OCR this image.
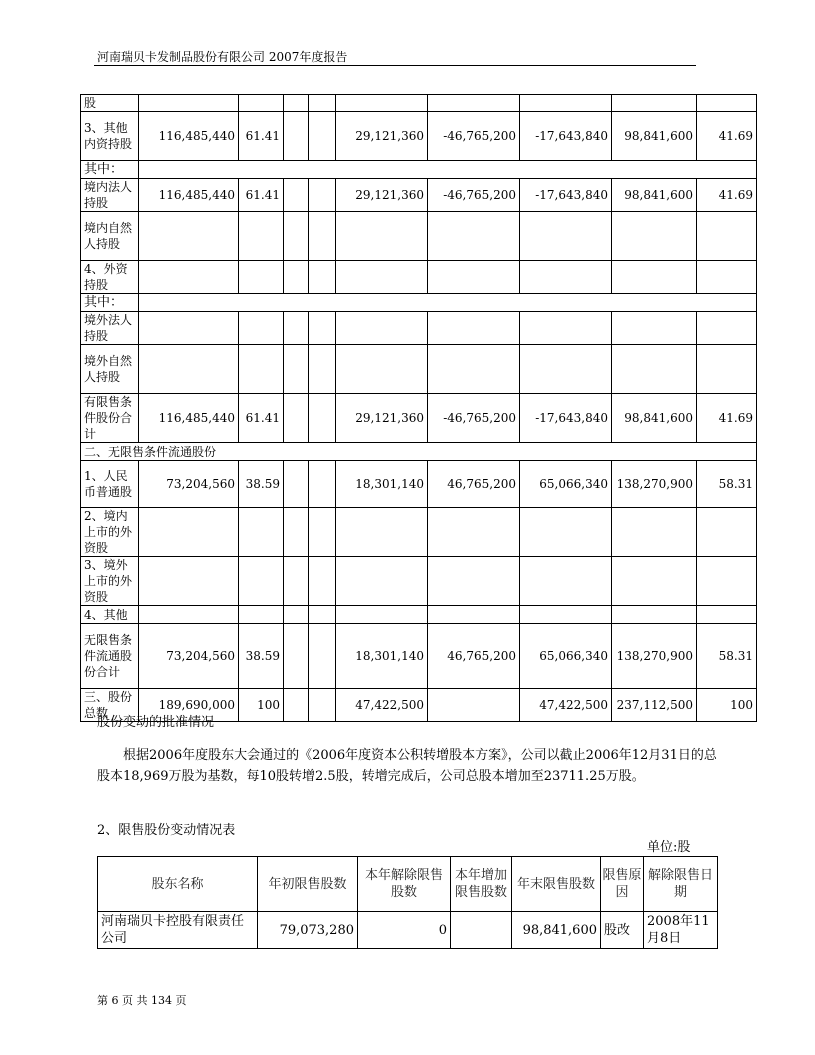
河南瑞贝卡发制品股份有限公司 2007年度报告
股									
3、其他内资持股	116,485,440	61.41			29,121,360	-46,765,200	-17,643,840	98,841,600	41.69
其中：									
境内法人持股	116,485,440	61.41			29,121,360	-46,765,200	-17,643,840	98,841,600	41.69
境内自然人持股									
4、外资持股									
其中：									
境外法人持股									
境外自然人持股									
有限售条件股份合计	116,485,440	61.41			29,121,360	-46,765,200	-17,643,840	98,841,600	41.69
二、无限售条件流通股份									
1、人民币普通股	73,204,560	38.59			18,301,140	46,765,200	65,066,340	138,270,900	58.31
2、境内上市的外资股									
3、境外上市的外资股									
4、其他									
无限售条件流通股份合计	73,204,560	38.59			18,301,140	46,765,200	65,066,340	138,270,900	58.31
三、股份总数	189,690,000	100			47,422,500		47,422,500	237,112,500	100
股份变动的批准情况
根据2006年度股东大会通过的《2006年度资本公积转增股本方案》，公司以截止2006年12月31日的总股本18,969万股为基数，每10股转增2.5股，转增完成后，公司总股本增加至23711.25万股。
2、限售股份变动情况表
单位:股
股东名称	年初限售股数	本年解除限售股数	本年增加限售股数	年末限售股数	限售原因	解除限售日期
河南瑞贝卡控股有限责任公司	79,073,280	0		98,841,600	股改	2008年11月8日
第 6 页 共 134 页
